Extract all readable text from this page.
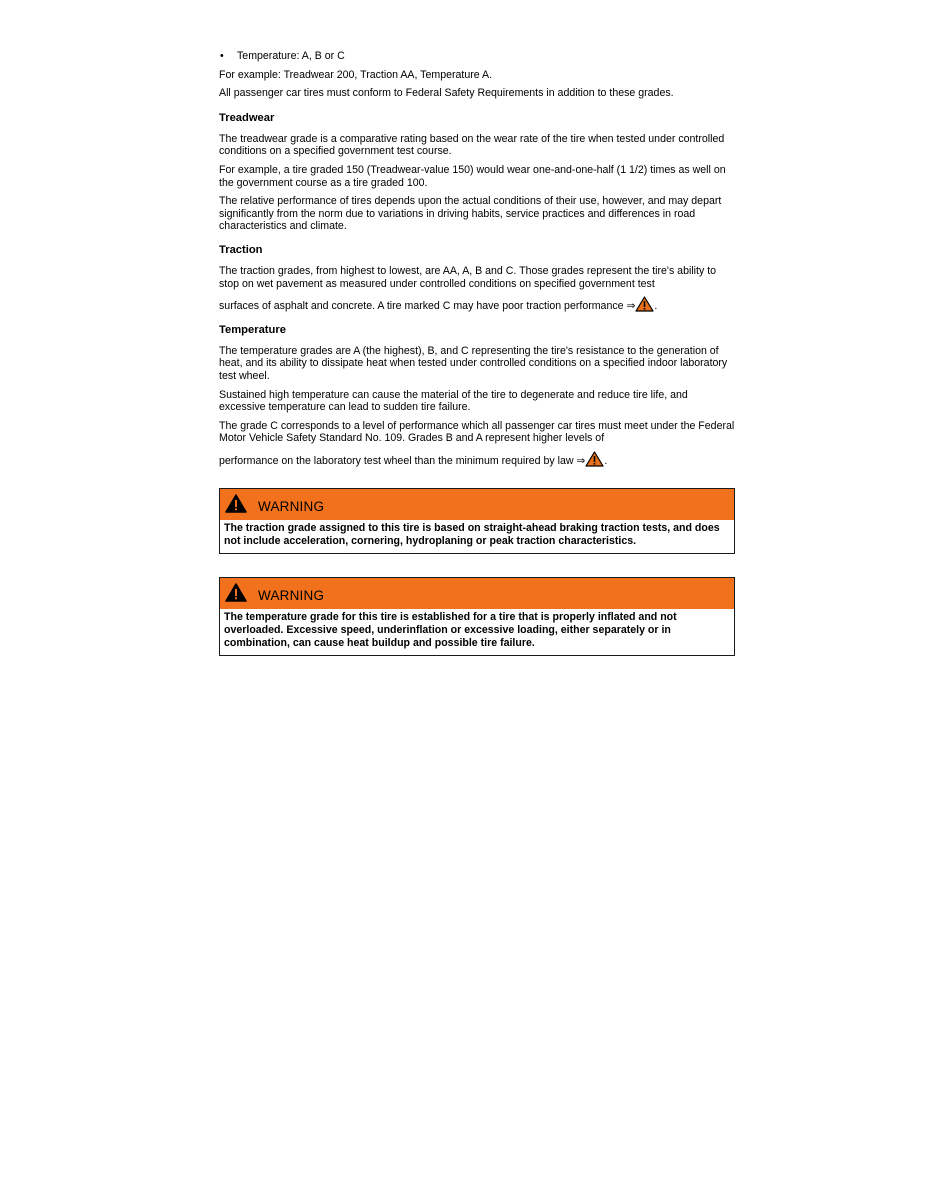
•	Temperature: A, B or C

For example: Treadwear 200, Traction AA, Temperature A.

All passenger car tires must conform to Federal Safety Requirements in addition to these grades.

Treadwear

The treadwear grade is a comparative rating based on the wear rate of the tire when tested under controlled conditions on a specified government test course.

For example, a tire graded 150 (Treadwear-value 150) would wear one-and-one-half (1 1/2) times as well on the government course as a tire graded 100.

The relative performance of tires depends upon the actual conditions of their use, however, and may depart significantly from the norm due to variations in driving habits, service practices and differences in road characteristics and climate.

Traction

The traction grades, from highest to lowest, are AA, A, B and C. Those grades represent the tire's ability to stop on wet pavement as measured under controlled conditions on specified government test
surfaces of asphalt and concrete. A tire marked C may have poor traction performance ⇒ .

Temperature

The temperature grades are A (the highest), B, and C representing the tire's resistance to the generation of heat, and its ability to dissipate heat when tested under controlled conditions on a specified indoor laboratory test wheel.

Sustained high temperature can cause the material of the tire to degenerate and reduce tire life, and excessive temperature can lead to sudden tire failure.

The grade C corresponds to a level of performance which all passenger car tires must meet under the Federal Motor Vehicle Safety Standard No. 109. Grades B and A represent higher levels of
performance on the laboratory test wheel than the minimum required by law ⇒ .

WARNING
The traction grade assigned to this tire is based on straight-ahead braking traction tests, and does not include acceleration, cornering, hydroplaning or peak traction characteristics.
WARNING
The temperature grade for this tire is established for a tire that is properly inflated and not overloaded. Excessive speed, underinflation or excessive loading, either separately or in combination, can cause heat buildup and possible tire failure.
